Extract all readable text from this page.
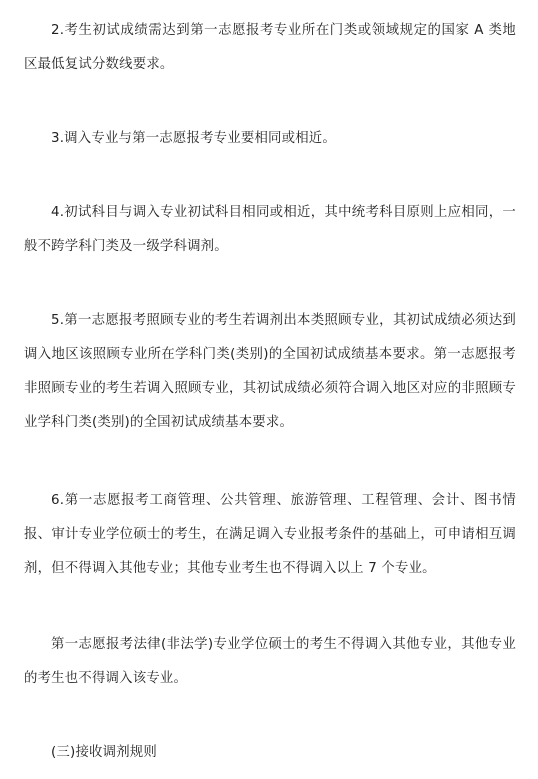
2.考生初试成绩需达到第一志愿报考专业所在门类或领域规定的国家 A 类地区最低复试分数线要求。

3.调入专业与第一志愿报考专业要相同或相近。

4.初试科目与调入专业初试科目相同或相近，其中统考科目原则上应相同，一般不跨学科门类及一级学科调剂。

5.第一志愿报考照顾专业的考生若调剂出本类照顾专业，其初试成绩必须达到调入地区该照顾专业所在学科门类(类别)的全国初试成绩基本要求。第一志愿报考非照顾专业的考生若调入照顾专业，其初试成绩必须符合调入地区对应的非照顾专业学科门类(类别)的全国初试成绩基本要求。

6.第一志愿报考工商管理、公共管理、旅游管理、工程管理、会计、图书情报、审计专业学位硕士的考生，在满足调入专业报考条件的基础上，可申请相互调剂，但不得调入其他专业；其他专业考生也不得调入以上 7 个专业。

第一志愿报考法律(非法学)专业学位硕士的考生不得调入其他专业，其他专业的考生也不得调入该专业。

(三)接收调剂规则
